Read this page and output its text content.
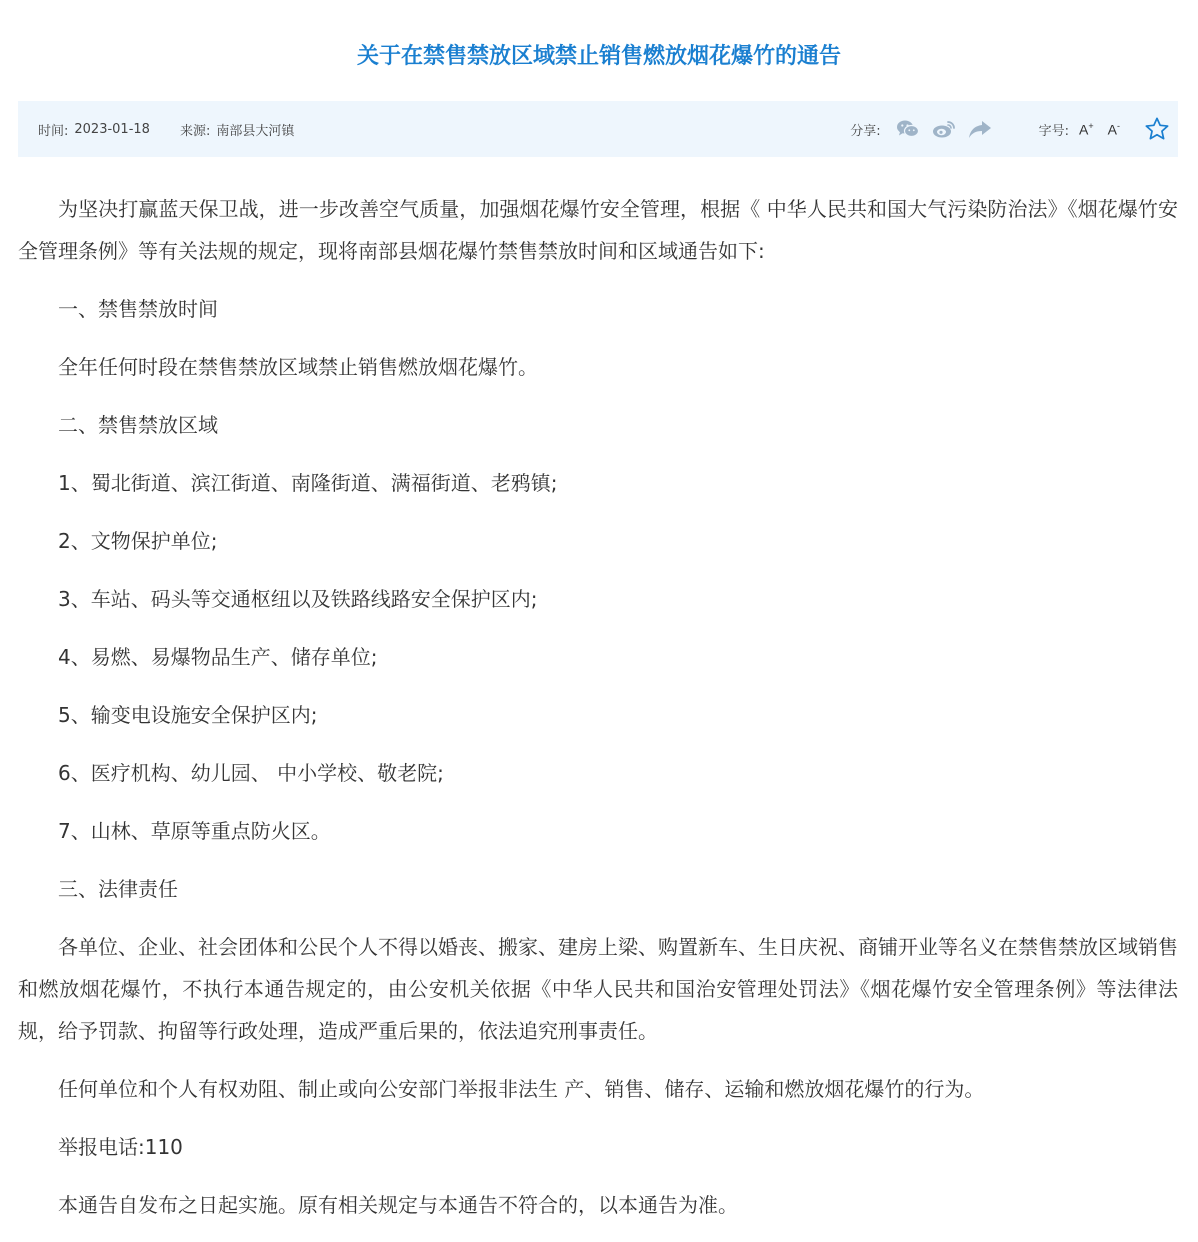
关于在禁售禁放区域禁止销售燃放烟花爆竹的通告
时间: 2023-01-18 来源: 南部县大河镇	分享:	字号: A+ A-

为坚决打赢蓝天保卫战，进一步改善空气质量，加强烟花爆竹安全管理，根据《 中华人民共和国大气污染防治法》《烟花爆竹安全管理条例》等有关法规的规定，现将南部县烟花爆竹禁售禁放时间和区域通告如下:

一、禁售禁放时间

全年任何时段在禁售禁放区域禁止销售燃放烟花爆竹。

二、禁售禁放区域

1、蜀北街道、滨江街道、南隆街道、满福街道、老鸦镇;

2、文物保护单位;

3、车站、码头等交通枢纽以及铁路线路安全保护区内;

4、易燃、易爆物品生产、储存单位;

5、输变电设施安全保护区内;

6、医疗机构、幼儿园、 中小学校、敬老院;

7、山林、草原等重点防火区。

三、法律责任

各单位、企业、社会团体和公民个人不得以婚丧、搬家、建房上梁、购置新车、生日庆祝、商铺开业等名义在禁售禁放区域销售和燃放烟花爆竹，不执行本通告规定的，由公安机关依据《中华人民共和国治安管理处罚法》《烟花爆竹安全管理条例》等法律法规，给予罚款、拘留等行政处理，造成严重后果的，依法追究刑事责任。

任何单位和个人有权劝阻、制止或向公安部门举报非法生 产、销售、储存、运输和燃放烟花爆竹的行为。

举报电话:110

本通告自发布之日起实施。原有相关规定与本通告不符合的，以本通告为准。
